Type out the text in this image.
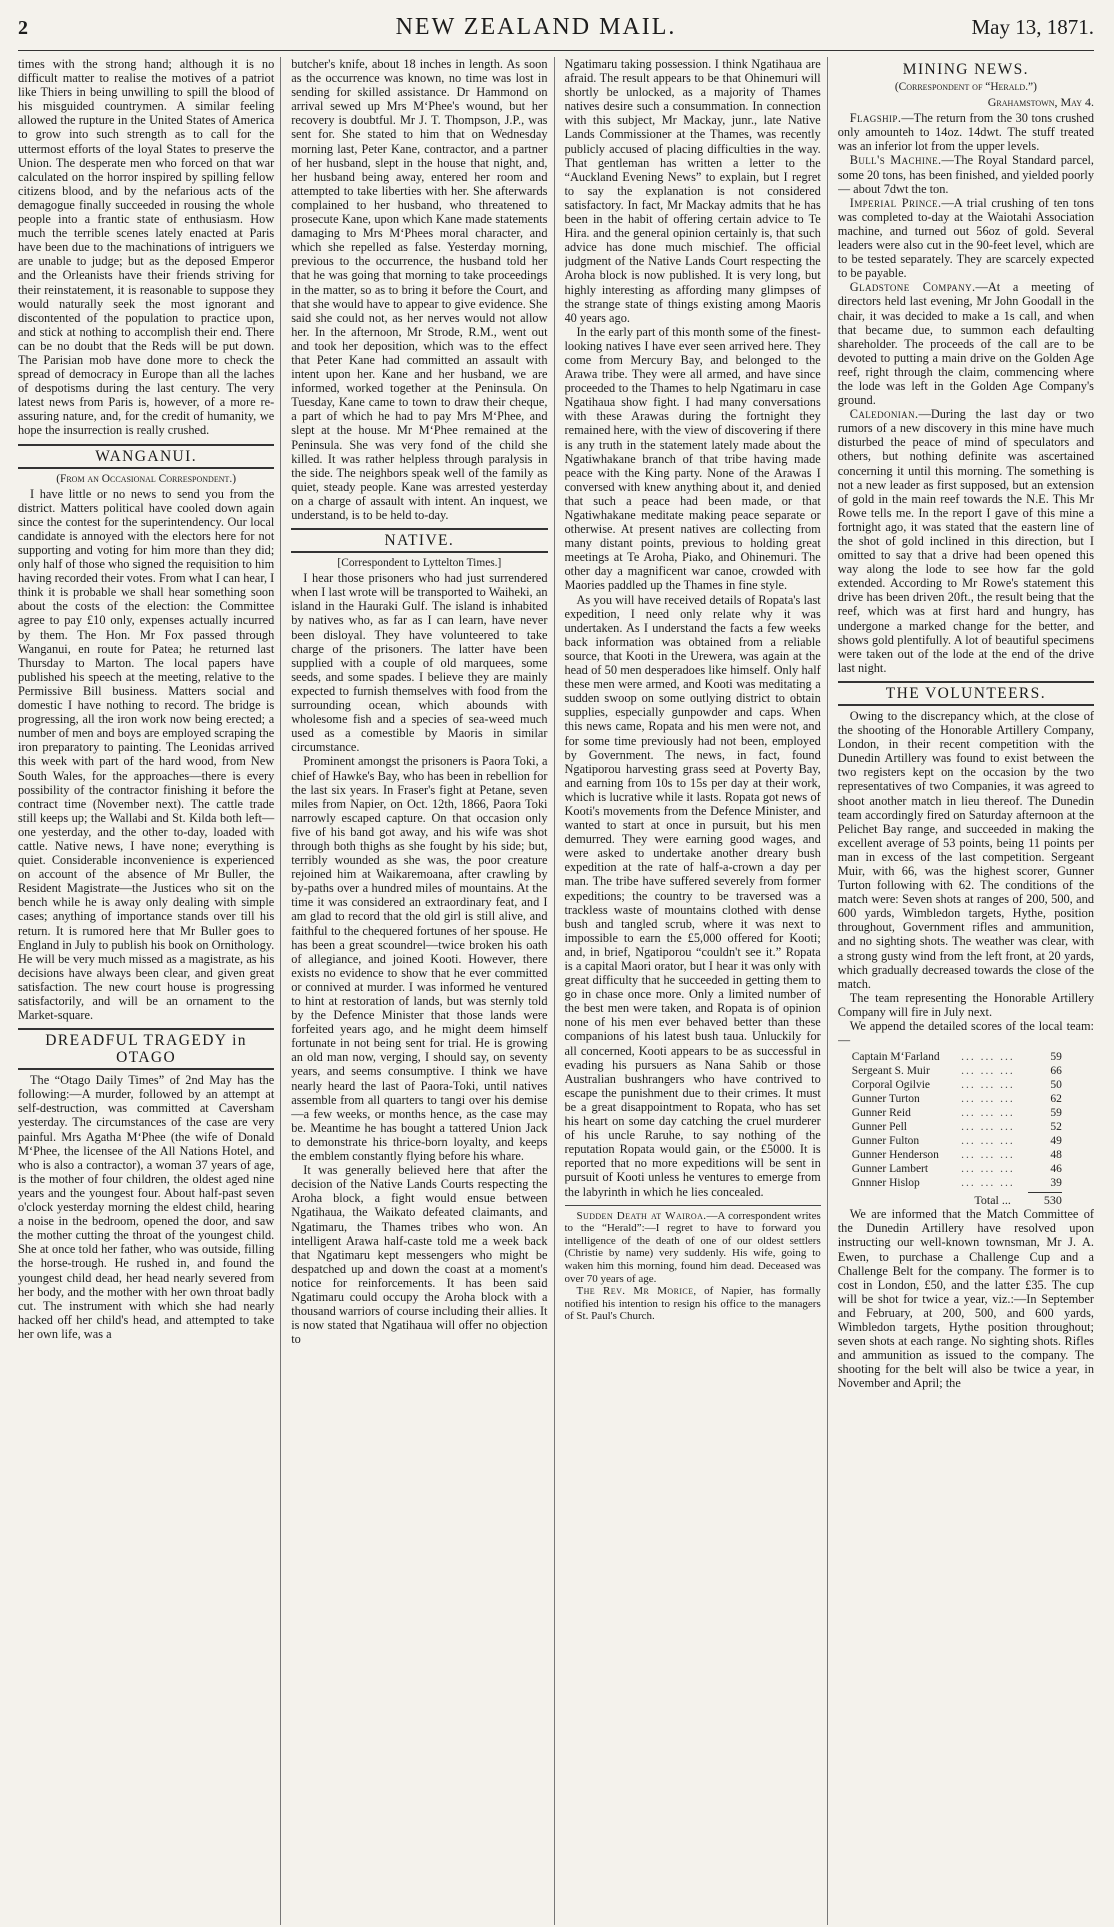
2	NEW ZEALAND MAIL.	May 13, 1871.

times with the strong hand; although it is no difficult matter to realise the motives of a patriot like Thiers in being unwilling to spill the blood of his misguided countrymen. A similar feeling allowed the rupture in the United States of America to grow into such strength as to call for the uttermost efforts of the loyal States to preserve the Union. The desperate men who forced on that war calculated on the horror inspired by spilling fellow citizens blood, and by the nefarious acts of the demagogue finally succeeded in rousing the whole people into a frantic state of enthusiasm. How much the terrible scenes lately enacted at Paris have been due to the machinations of intriguers we are unable to judge; but as the deposed Emperor and the Orleanists have their friends striving for their reinstatement, it is reasonable to suppose they would naturally seek the most ignorant and discontented of the population to practice upon, and stick at nothing to accomplish their end. There can be no doubt that the Reds will be put down. The Parisian mob have done more to check the spread of democracy in Europe than all the laches of despotisms during the last century. The very latest news from Paris is, however, of a more re-assuring nature, and, for the credit of humanity, we hope the insurrection is really crushed.

WANGANUI.
(From an Occasional Correspondent.)

I have little or no news to send you from the district. Matters political have cooled down again since the contest for the superintendency. Our local candidate is annoyed with the electors here for not supporting and voting for him more than they did; only half of those who signed the requisition to him having recorded their votes. From what I can hear, I think it is probable we shall hear something soon about the costs of the election: the Committee agree to pay £10 only, expenses actually incurred by them. The Hon. Mr Fox passed through Wanganui, en route for Patea; he returned last Thursday to Marton. The local papers have published his speech at the meeting, relative to the Permissive Bill business. Matters social and domestic I have nothing to record. The bridge is progressing, all the iron work now being erected; a number of men and boys are employed scraping the iron preparatory to painting. The Leonidas arrived this week with part of the hard wood, from New South Wales, for the approaches—there is every possibility of the contractor finishing it before the contract time (November next). The cattle trade still keeps up; the Wallabi and St. Kilda both left—one yesterday, and the other to-day, loaded with cattle. Native news, I have none; everything is quiet. Considerable inconvenience is experienced on account of the absence of Mr Buller, the Resident Magistrate—the Justices who sit on the bench while he is away only dealing with simple cases; anything of importance stands over till his return. It is rumored here that Mr Buller goes to England in July to publish his book on Ornithology. He will be very much missed as a magistrate, as his decisions have always been clear, and given great satisfaction. The new court house is progressing satisfactorily, and will be an ornament to the Market-square.

DREADFUL TRAGEDY in OTAGO

The “Otago Daily Times” of 2nd May has the following:—A murder, followed by an attempt at self-destruction, was committed at Caversham yesterday. The circumstances of the case are very painful. Mrs Agatha M‘Phee (the wife of Donald M‘Phee, the licensee of the All Nations Hotel, and who is also a contractor), a woman 37 years of age, is the mother of four children, the oldest aged nine years and the youngest four. About half-past seven o'clock yesterday morning the eldest child, hearing a noise in the bedroom, opened the door, and saw the mother cutting the throat of the youngest child. She at once told her father, who was outside, filling the horse-trough. He rushed in, and found the youngest child dead, her head nearly severed from her body, and the mother with her own throat badly cut. The instrument with which she had nearly hacked off her child's head, and attempted to take her own life, was a

butcher's knife, about 18 inches in length. As soon as the occurrence was known, no time was lost in sending for skilled assistance. Dr Hammond on arrival sewed up Mrs M‘Phee's wound, but her recovery is doubtful. Mr J. T. Thompson, J.P., was sent for. She stated to him that on Wednesday morning last, Peter Kane, contractor, and a partner of her husband, slept in the house that night, and, her husband being away, entered her room and attempted to take liberties with her. She afterwards complained to her husband, who threatened to prosecute Kane, upon which Kane made statements damaging to Mrs M‘Phees moral character, and which she repelled as false. Yesterday morning, previous to the occurrence, the husband told her that he was going that morning to take proceedings in the matter, so as to bring it before the Court, and that she would have to appear to give evidence. She said she could not, as her nerves would not allow her. In the afternoon, Mr Strode, R.M., went out and took her deposition, which was to the effect that Peter Kane had committed an assault with intent upon her. Kane and her husband, we are informed, worked together at the Peninsula. On Tuesday, Kane came to town to draw their cheque, a part of which he had to pay Mrs M‘Phee, and slept at the house. Mr M‘Phee remained at the Peninsula. She was very fond of the child she killed. It was rather helpless through paralysis in the side. The neighbors speak well of the family as quiet, steady people. Kane was arrested yesterday on a charge of assault with intent. An inquest, we understand, is to be held to-day.

NATIVE.
[Correspondent to Lyttelton Times.]

I hear those prisoners who had just surrendered when I last wrote will be transported to Waiheki, an island in the Hauraki Gulf. The island is inhabited by natives who, as far as I can learn, have never been disloyal. They have volunteered to take charge of the prisoners. The latter have been supplied with a couple of old marquees, some seeds, and some spades. I believe they are mainly expected to furnish themselves with food from the surrounding ocean, which abounds with wholesome fish and a species of sea-weed much used as a comestible by Maoris in similar circumstance.

Prominent amongst the prisoners is Paora Toki, a chief of Hawke's Bay, who has been in rebellion for the last six years. In Fraser's fight at Petane, seven miles from Napier, on Oct. 12th, 1866, Paora Toki narrowly escaped capture. On that occasion only five of his band got away, and his wife was shot through both thighs as she fought by his side; but, terribly wounded as she was, the poor creature rejoined him at Waikaremoana, after crawling by by-paths over a hundred miles of mountains. At the time it was considered an extraordinary feat, and I am glad to record that the old girl is still alive, and faithful to the chequered fortunes of her spouse. He has been a great scoundrel—twice broken his oath of allegiance, and joined Kooti. However, there exists no evidence to show that he ever committed or connived at murder. I was informed he ventured to hint at restoration of lands, but was sternly told by the Defence Minister that those lands were forfeited years ago, and he might deem himself fortunate in not being sent for trial. He is growing an old man now, verging, I should say, on seventy years, and seems consumptive. I think we have nearly heard the last of Paora-Toki, until natives assemble from all quarters to tangi over his demise—a few weeks, or months hence, as the case may be. Meantime he has bought a tattered Union Jack to demonstrate his thrice-born loyalty, and keeps the emblem constantly flying before his whare.

It was generally believed here that after the decision of the Native Lands Courts respecting the Aroha block, a fight would ensue between Ngatihaua, the Waikato defeated claimants, and Ngatimaru, the Thames tribes who won. An intelligent Arawa half-caste told me a week back that Ngatimaru kept messengers who might be despatched up and down the coast at a moment's notice for reinforcements. It has been said Ngatimaru could occupy the Aroha block with a thousand warriors of course including their allies. It is now stated that Ngatihaua will offer no objection to

Ngatimaru taking possession. I think Ngatihaua are afraid. The result appears to be that Ohinemuri will shortly be unlocked, as a majority of Thames natives desire such a consummation. In connection with this subject, Mr Mackay, junr., late Native Lands Commissioner at the Thames, was recently publicly accused of placing difficulties in the way. That gentleman has written a letter to the “Auckland Evening News” to explain, but I regret to say the explanation is not considered satisfactory. In fact, Mr Mackay admits that he has been in the habit of offering certain advice to Te Hira. and the general opinion certainly is, that such advice has done much mischief. The official judgment of the Native Lands Court respecting the Aroha block is now published. It is very long, but highly interesting as affording many glimpses of the strange state of things existing among Maoris 40 years ago.

In the early part of this month some of the finest-looking natives I have ever seen arrived here. They come from Mercury Bay, and belonged to the Arawa tribe. They were all armed, and have since proceeded to the Thames to help Ngatimaru in case Ngatihaua show fight. I had many conversations with these Arawas during the fortnight they remained here, with the view of discovering if there is any truth in the statement lately made about the Ngatiwhakane branch of that tribe having made peace with the King party. None of the Arawas I conversed with knew anything about it, and denied that such a peace had been made, or that Ngatiwhakane meditate making peace separate or otherwise. At present natives are collecting from many distant points, previous to holding great meetings at Te Aroha, Piako, and Ohinemuri. The other day a magnificent war canoe, crowded with Maories paddled up the Thames in fine style.

As you will have received details of Ropata's last expedition, I need only relate why it was undertaken. As I understand the facts a few weeks back information was obtained from a reliable source, that Kooti in the Urewera, was again at the head of 50 men desperadoes like himself. Only half these men were armed, and Kooti was meditating a sudden swoop on some outlying district to obtain supplies, especially gunpowder and caps. When this news came, Ropata and his men were not, and for some time previously had not been, employed by Government. The news, in fact, found Ngatiporou harvesting grass seed at Poverty Bay, and earning from 10s to 15s per day at their work, which is lucrative while it lasts. Ropata got news of Kooti's movements from the Defence Minister, and wanted to start at once in pursuit, but his men demurred. They were earning good wages, and were asked to undertake another dreary bush expedition at the rate of half-a-crown a day per man. The tribe have suffered severely from former expeditions; the country to be traversed was a trackless waste of mountains clothed with dense bush and tangled scrub, where it was next to impossible to earn the £5,000 offered for Kooti; and, in brief, Ngatiporou “couldn't see it.” Ropata is a capital Maori orator, but I hear it was only with great difficulty that he succeeded in getting them to go in chase once more. Only a limited number of the best men were taken, and Ropata is of opinion none of his men ever behaved better than these companions of his latest bush taua. Unluckily for all concerned, Kooti appears to be as successful in evading his pursuers as Nana Sahib or those Australian bushrangers who have contrived to escape the punishment due to their crimes. It must be a great disappointment to Ropata, who has set his heart on some day catching the cruel murderer of his uncle Raruhe, to say nothing of the reputation Ropata would gain, or the £5000. It is reported that no more expeditions will be sent in pursuit of Kooti unless he ventures to emerge from the labyrinth in which he lies concealed.

Sudden Death at Wairoa.—A correspondent writes to the “Herald”:—I regret to have to forward you intelligence of the death of one of our oldest settlers (Christie by name) very suddenly. His wife, going to waken him this morning, found him dead. Deceased was over 70 years of age.

The Rev. Mr Morice, of Napier, has formally notified his intention to resign his office to the managers of St. Paul's Church.

MINING NEWS.
(Correspondent of “Herald.”)
Grahamstown, May 4.

Flagship.—The return from the 30 tons crushed only amounteh to 14oz. 14dwt. The stuff treated was an inferior lot from the upper levels.

Bull's Machine.—The Royal Standard parcel, some 20 tons, has been finished, and yielded poorly— about 7dwt the ton.

Imperial Prince.—A trial crushing of ten tons was completed to-day at the Waiotahi Association machine, and turned out 56oz of gold. Several leaders were also cut in the 90-feet level, which are to be tested separately. They are scarcely expected to be payable.

Gladstone Company.—At a meeting of directors held last evening, Mr John Goodall in the chair, it was decided to make a 1s call, and when that became due, to summon each defaulting shareholder. The proceeds of the call are to be devoted to putting a main drive on the Golden Age reef, right through the claim, commencing where the lode was left in the Golden Age Company's ground.

Caledonian.—During the last day or two rumors of a new discovery in this mine have much disturbed the peace of mind of speculators and others, but nothing definite was ascertained concerning it until this morning. The something is not a new leader as first supposed, but an extension of gold in the main reef towards the N.E. This Mr Rowe tells me. In the report I gave of this mine a fortnight ago, it was stated that the eastern line of the shot of gold inclined in this direction, but I omitted to say that a drive had been opened this way along the lode to see how far the gold extended. According to Mr Rowe's statement this drive has been driven 20ft., the result being that the reef, which was at first hard and hungry, has undergone a marked change for the better, and shows gold plentifully. A lot of beautiful specimens were taken out of the lode at the end of the drive last night.

THE VOLUNTEERS.

Owing to the discrepancy which, at the close of the shooting of the Honorable Artillery Company, London, in their recent competition with the Dunedin Artillery was found to exist between the two registers kept on the occasion by the two representatives of two Companies, it was agreed to shoot another match in lieu thereof. The Dunedin team accordingly fired on Saturday afternoon at the Pelichet Bay range, and succeeded in making the excellent average of 53 points, being 11 points per man in excess of the last competition. Sergeant Muir, with 66, was the highest scorer, Gunner Turton following with 62. The conditions of the match were: Seven shots at ranges of 200, 500, and 600 yards, Wimbledon targets, Hythe, position throughout, Government rifles and ammunition, and no sighting shots. The weather was clear, with a strong gusty wind from the left front, at 20 yards, which gradually decreased towards the close of the match.

The team representing the Honorable Artillery Company will fire in July next.

We append the detailed scores of the local team:—

Captain M‘Farland	... ... ...	59
Sergeant S. Muir	... ... ...	66
Corporal Ogilvie	... ... ...	50
Gunner Turton	... ... ...	62
Gunner Reid	... ... ...	59
Gunner Pell	... ... ...	52
Gunner Fulton	... ... ...	49
Gunner Henderson	... ... ...	48
Gunner Lambert	... ... ...	46
Gnnner Hislop	... ... ...	39
Total ...	530

We are informed that the Match Committee of the Dunedin Artillery have resolved upon instructing our well-known townsman, Mr J. A. Ewen, to purchase a Challenge Cup and a Challenge Belt for the company. The former is to cost in London, £50, and the latter £35. The cup will be shot for twice a year, viz.:—In September and February, at 200, 500, and 600 yards, Wimbledon targets, Hythe position throughout; seven shots at each range. No sighting shots. Rifles and ammunition as issued to the company. The shooting for the belt will also be twice a year, in November and April; the
